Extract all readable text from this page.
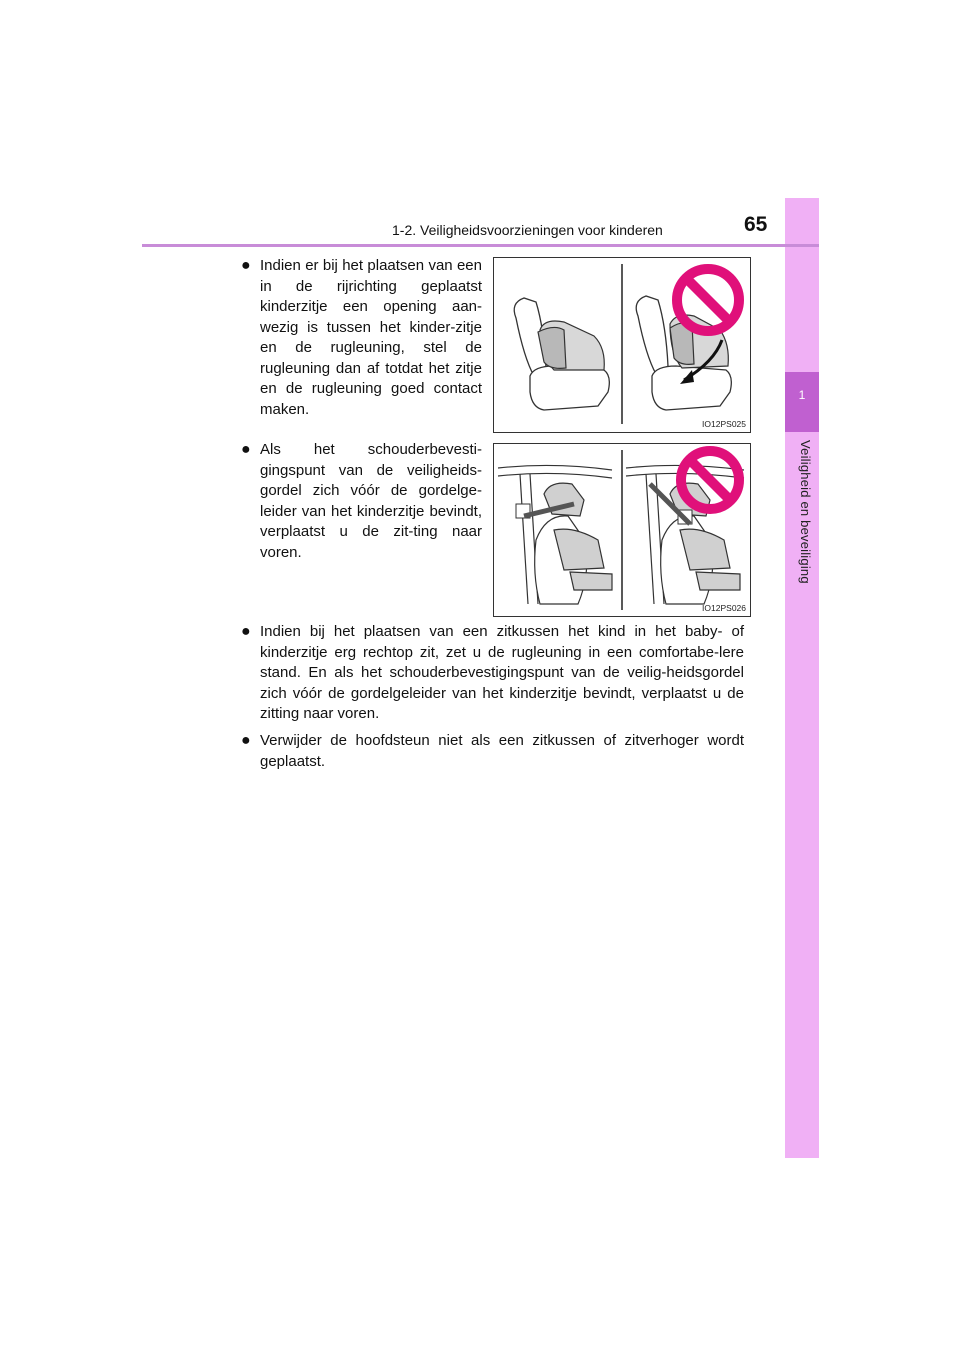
1
Veiligheid en beveiliging
1-2. Veiligheidsvoorzieningen voor kinderen	65
● Indien er bij het plaatsen van een in de rijrichting geplaatst kinderzitje een opening aan-wezig is tussen het kinder-zitje en de rugleuning, stel de rugleuning dan af totdat het zitje en de rugleuning goed contact maken.
IO12PS025
● Als het schouderbevesti-gingspunt van de veiligheids-gordel zich vóór de gordelge-leider van het kinderzitje bevindt, verplaatst u de zit-ting naar voren.
IO12PS026
● Indien bij het plaatsen van een zitkussen het kind in het baby- of kinderzitje erg rechtop zit, zet u de rugleuning in een comfortabe-lere stand. En als het schouderbevestigingspunt van de veilig-heidsgordel zich vóór de gordelgeleider van het kinderzitje bevindt, verplaatst u de zitting naar voren.
● Verwijder de hoofdsteun niet als een zitkussen of zitverhoger wordt geplaatst.
